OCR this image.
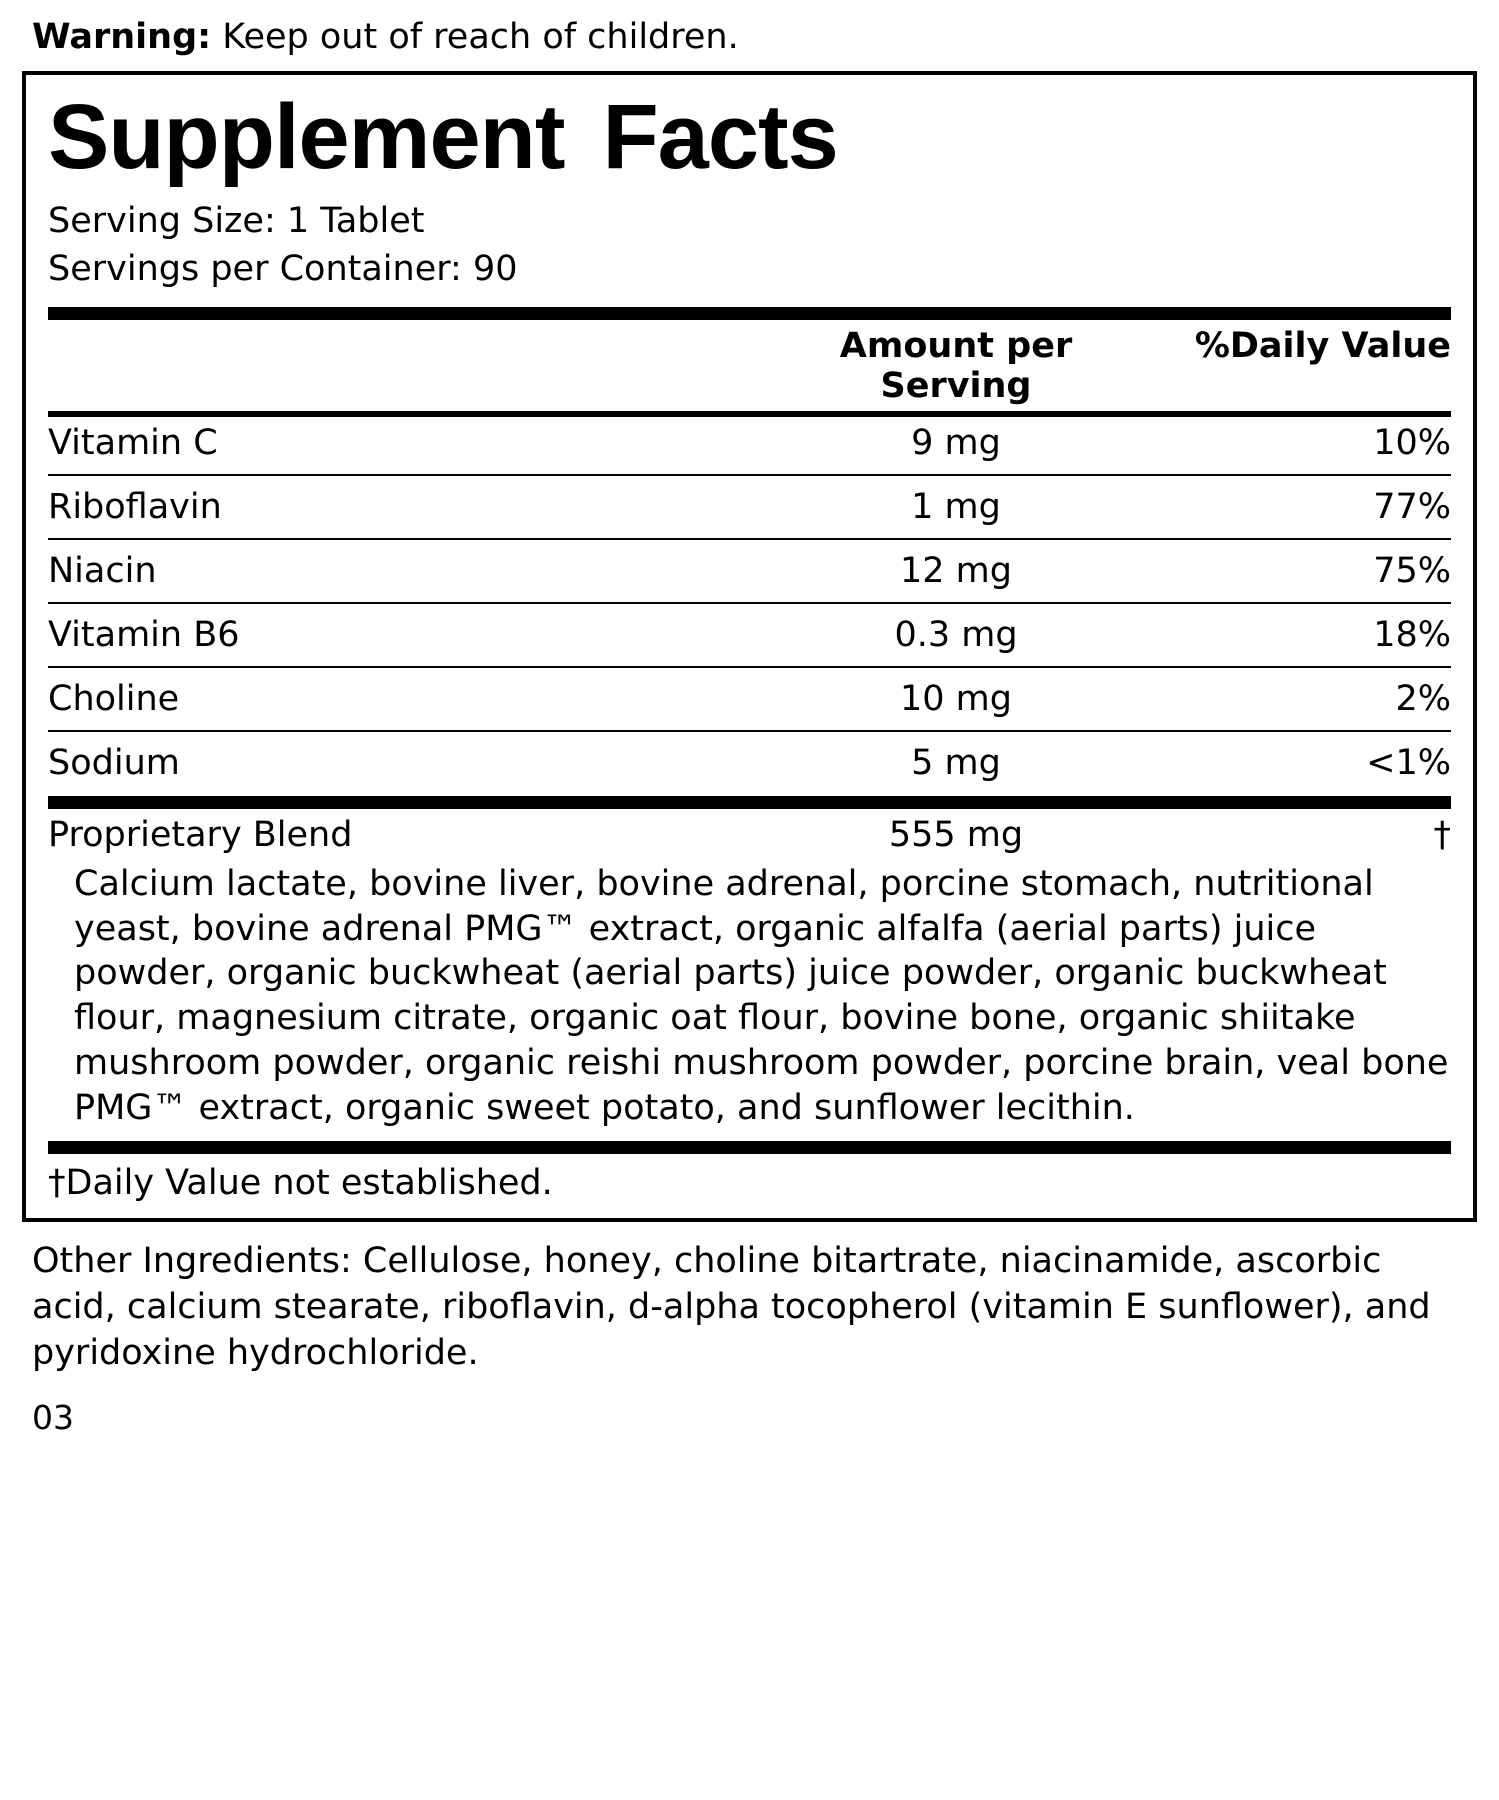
Warning: Keep out of reach of children.
Supplement Facts
Serving Size: 1 Tablet
Servings per Container: 90
	Amount per Serving	%Daily Value
Vitamin C	9 mg	10%

Riboflavin	1 mg	77%

Niacin	12 mg	75%

Vitamin B6	0.3 mg	18%

Choline	10 mg	2%

Sodium	5 mg	<1%
Proprietary Blend	555 mg	†
Calcium lactate, bovine liver, bovine adrenal, porcine stomach, nutritional yeast, bovine adrenal PMG™ extract, organic alfalfa (aerial parts) juice powder, organic buckwheat (aerial parts) juice powder, organic buckwheat flour, magnesium citrate, organic oat flour, bovine bone, organic shiitake mushroom powder, organic reishi mushroom powder, porcine brain, veal bone PMG™ extract, organic sweet potato, and sunflower lecithin.
†Daily Value not established.
Other Ingredients: Cellulose, honey, choline bitartrate, niacinamide, ascorbic acid, calcium stearate, riboflavin, d-alpha tocopherol (vitamin E sunflower), and pyridoxine hydrochloride.
03
